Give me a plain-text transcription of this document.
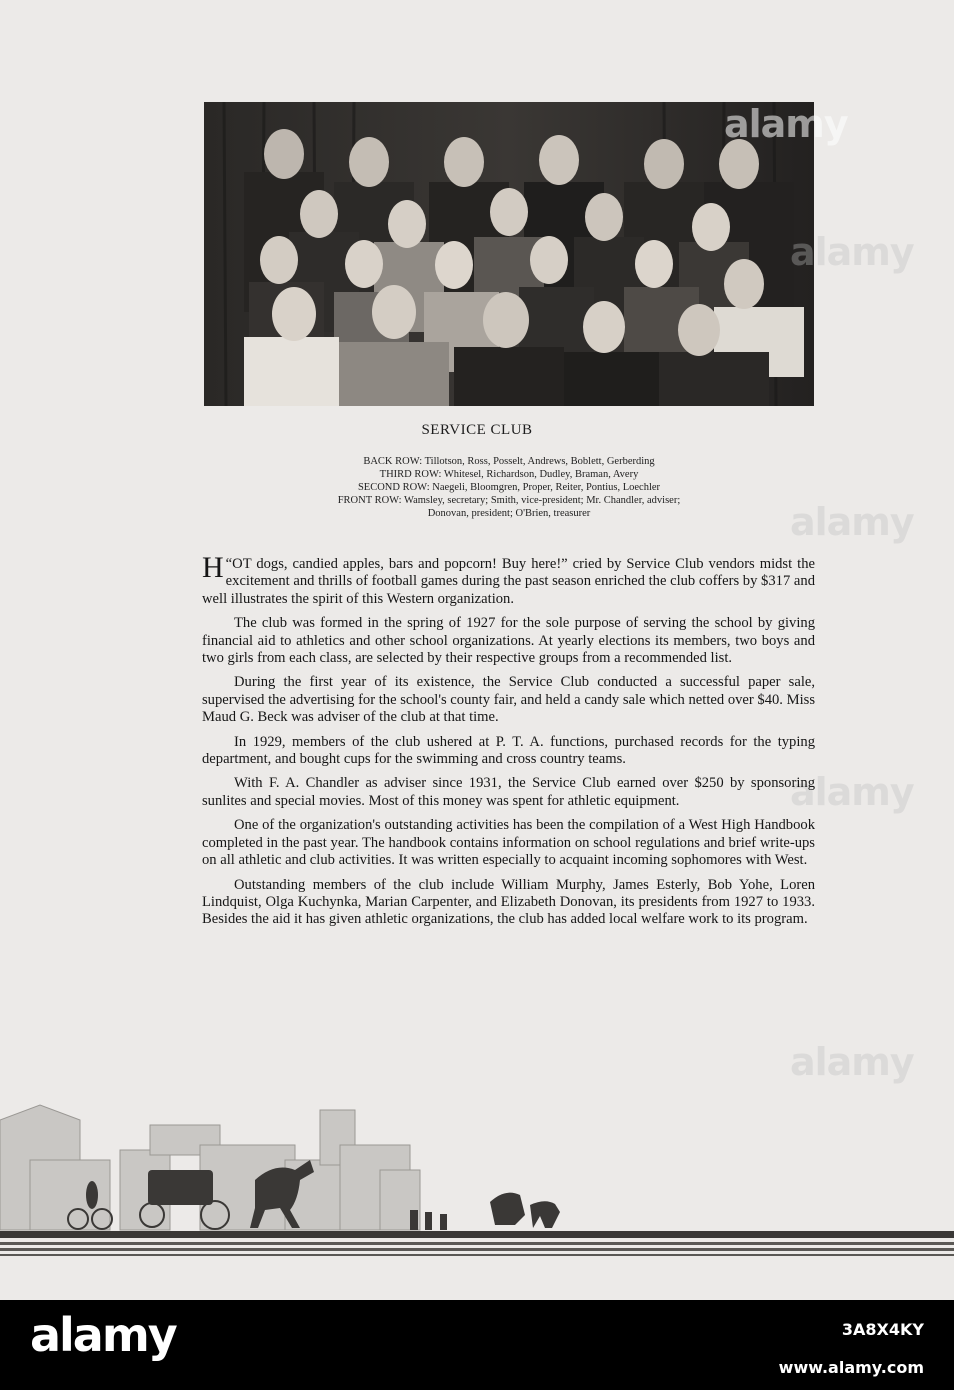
alamy
alamy
alamy
alamy
alamy
SERVICE CLUB
BACK ROW: Tillotson, Ross, Posselt, Andrews, Boblett, Gerberding
THIRD ROW: Whitesel, Richardson, Dudley, Braman, Avery
SECOND ROW: Naegeli, Bloomgren, Proper, Reiter, Pontius, Loechler
FRONT ROW: Wamsley, secretary; Smith, vice-president; Mr. Chandler, adviser;
Donovan, president; O'Brien, treasurer

“
H OT dogs, candied apples, bars and popcorn! Buy here!” cried by Service Club vendors midst the excitement and thrills of football games during the past season enriched the club coffers by $317 and well illustrates the spirit of this Western organization.

The club was formed in the spring of 1927 for the sole purpose of serving the school by giving financial aid to athletics and other school organizations. At yearly elections its members, two boys and two girls from each class, are selected by their respective groups from a recommended list.

During the first year of its existence, the Service Club conducted a successful paper sale, supervised the advertising for the school's county fair, and held a candy sale which netted over $40. Miss Maud G. Beck was adviser of the club at that time.

In 1929, members of the club ushered at P. T. A. functions, purchased records for the typing department, and bought cups for the swimming and cross country teams.

With F. A. Chandler as adviser since 1931, the Service Club earned over $250 by sponsoring sunlites and special movies. Most of this money was spent for athletic equipment.

One of the organization's outstanding activities has been the compilation of a West High Handbook completed in the past year. The handbook contains information on school regulations and brief write-ups on all athletic and club activities. It was written especially to acquaint incoming sophomores with West.

Outstanding members of the club include William Murphy, James Esterly, Bob Yohe, Loren Lindquist, Olga Kuchynka, Marian Carpenter, and Elizabeth Donovan, its presidents from 1927 to 1933. Besides the aid it has given athletic organizations, the club has added local welfare work to its program.

alamy	3A8X4KY
www.alamy.com
